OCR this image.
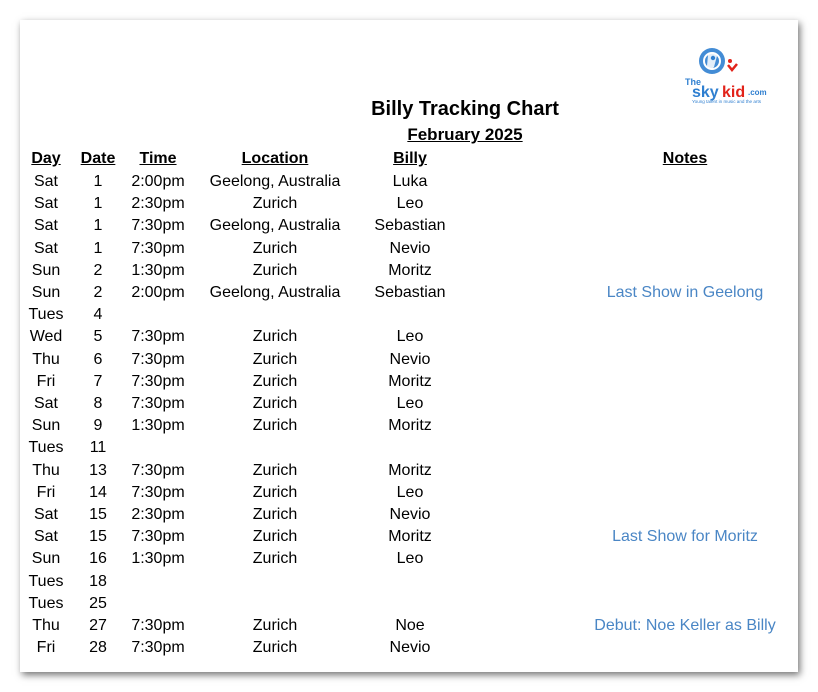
The
sky kid .com
Young talent in music and the arts
Billy Tracking Chart
February 2025
Day	Date	Time	Location	Billy	Notes
Sat	1	2:00pm	Geelong, Australia	Luka
Sat	1	2:30pm	Zurich	Leo
Sat	1	7:30pm	Geelong, Australia	Sebastian
Sat	1	7:30pm	Zurich	Nevio
Sun	2	1:30pm	Zurich	Moritz
Sun	2	2:00pm	Geelong, Australia	Sebastian	Last Show in Geelong
Tues	4
Wed	5	7:30pm	Zurich	Leo
Thu	6	7:30pm	Zurich	Nevio
Fri	7	7:30pm	Zurich	Moritz
Sat	8	7:30pm	Zurich	Leo
Sun	9	1:30pm	Zurich	Moritz
Tues	11
Thu	13	7:30pm	Zurich	Moritz
Fri	14	7:30pm	Zurich	Leo
Sat	15	2:30pm	Zurich	Nevio
Sat	15	7:30pm	Zurich	Moritz	Last Show for Moritz
Sun	16	1:30pm	Zurich	Leo
Tues	18
Tues	25
Thu	27	7:30pm	Zurich	Noe	Debut: Noe Keller as Billy
Fri	28	7:30pm	Zurich	Nevio
